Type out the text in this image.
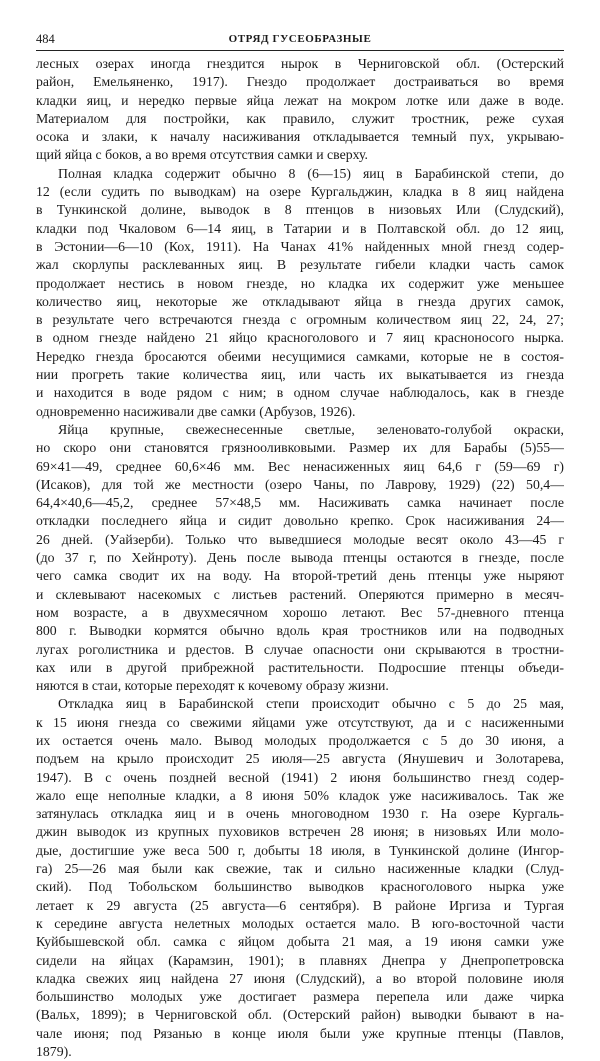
484	ОТРЯД ГУСЕОБРАЗНЫЕ
лесных озерах иногда гнездится нырок в Черниговской обл. (Остерский
район, Емельяненко, 1917). Гнездо продолжает достраиваться во время
кладки яиц, и нередко первые яйца лежат на мокром лотке или даже в воде.
Материалом для постройки, как правило, служит тростник, реже сухая
осока и злаки, к началу насиживания откладывается темный пух, укрываю-
щий яйца с боков, а во время отсутствия самки и сверху.
Полная кладка содержит обычно 8 (6—15) яиц в Барабинской степи, до
12 (если судить по выводкам) на озере Кургальджин, кладка в 8 яиц найдена
в Тункинской долине, выводок в 8 птенцов в низовьях Или (Слудский),
кладки под Чкаловом 6—14 яиц, в Татарии и в Полтавской обл. до 12 яиц,
в Эстонии—6—10 (Кох, 1911). На Чанах 41% найденных мной гнезд содер-
жал скорлупы расклеванных яиц. В результате гибели кладки часть самок
продолжает нестись в новом гнезде, но кладка их содержит уже меньшее
количество яиц, некоторые же откладывают яйца в гнезда других самок,
в результате чего встречаются гнезда с огромным количеством яиц 22, 24, 27;
в одном гнезде найдено 21 яйцо красноголового и 7 яиц красноносого нырка.
Нередко гнезда бросаются обеими несущимися самками, которые не в состоя-
нии прогреть такие количества яиц, или часть их выкатывается из гнезда
и находится в воде рядом с ним; в одном случае наблюдалось, как в гнезде
одновременно насиживали две самки (Арбузов, 1926).
Яйца крупные, свежеснесенные светлые, зеленовато-голубой окраски,
но скоро они становятся грязнооливковыми. Размер их для Барабы (5)55—
69×41—49, среднее 60,6×46 мм. Вес ненасиженных яиц 64,6 г (59—69 г)
(Исаков), для той же местности (озеро Чаны, по Лаврову, 1929) (22) 50,4—
64,4×40,6—45,2, среднее 57×48,5 мм. Насиживать самка начинает после
откладки последнего яйца и сидит довольно крепко. Срок насиживания 24—
26 дней. (Уайзерби). Только что выведшиеся молодые весят около 43—45 г
(до 37 г, по Хейнроту). День после вывода птенцы остаются в гнезде, после
чего самка сводит их на воду. На второй-третий день птенцы уже ныряют
и склевывают насекомых с листьев растений. Оперяются примерно в месяч-
ном возрасте, а в двухмесячном хорошо летают. Вес 57-дневного птенца
800 г. Выводки кормятся обычно вдоль края тростников или на подводных
лугах роголистника и рдестов. В случае опасности они скрываются в тростни-
ках или в другой прибрежной растительности. Подросшие птенцы объеди-
няются в стаи, которые переходят к кочевому образу жизни.
Откладка яиц в Барабинской степи происходит обычно с 5 до 25 мая,
к 15 июня гнезда со свежими яйцами уже отсутствуют, да и с насиженными
их остается очень мало. Вывод молодых продолжается с 5 до 30 июня, а
подъем на крыло происходит 25 июля—25 августа (Янушевич и Золотарева,
1947). В с очень поздней весной (1941) 2 июня большинство гнезд содер-
жало еще неполные кладки, а 8 июня 50% кладок уже насиживалось. Так же
затянулась откладка яиц и в очень многоводном 1930 г. На озере Кургаль-
джин выводок из крупных пуховиков встречен 28 июня; в низовьях Или моло-
дые, достигшие уже веса 500 г, добыты 18 июля, в Тункинской долине (Ингор-
га) 25—26 мая были как свежие, так и сильно насиженные кладки (Слуд-
ский). Под Тобольском большинство выводков красноголового нырка уже
летает к 29 августа (25 августа—6 сентября). В районе Иргиза и Тургая
к середине августа нелетных молодых остается мало. В юго-восточной части
Куйбышевской обл. самка с яйцом добыта 21 мая, а 19 июня самки уже
сидели на яйцах (Карамзин, 1901); в плавнях Днепра у Днепропетровска
кладка свежих яиц найдена 27 июня (Слудский), а во второй половине июля
большинство молодых уже достигает размера перепела или даже чирка
(Вальх, 1899); в Черниговской обл. (Остерский район) выводки бывают в на-
чале июня; под Рязанью в конце июля были уже крупные птенцы (Павлов,
1879).
